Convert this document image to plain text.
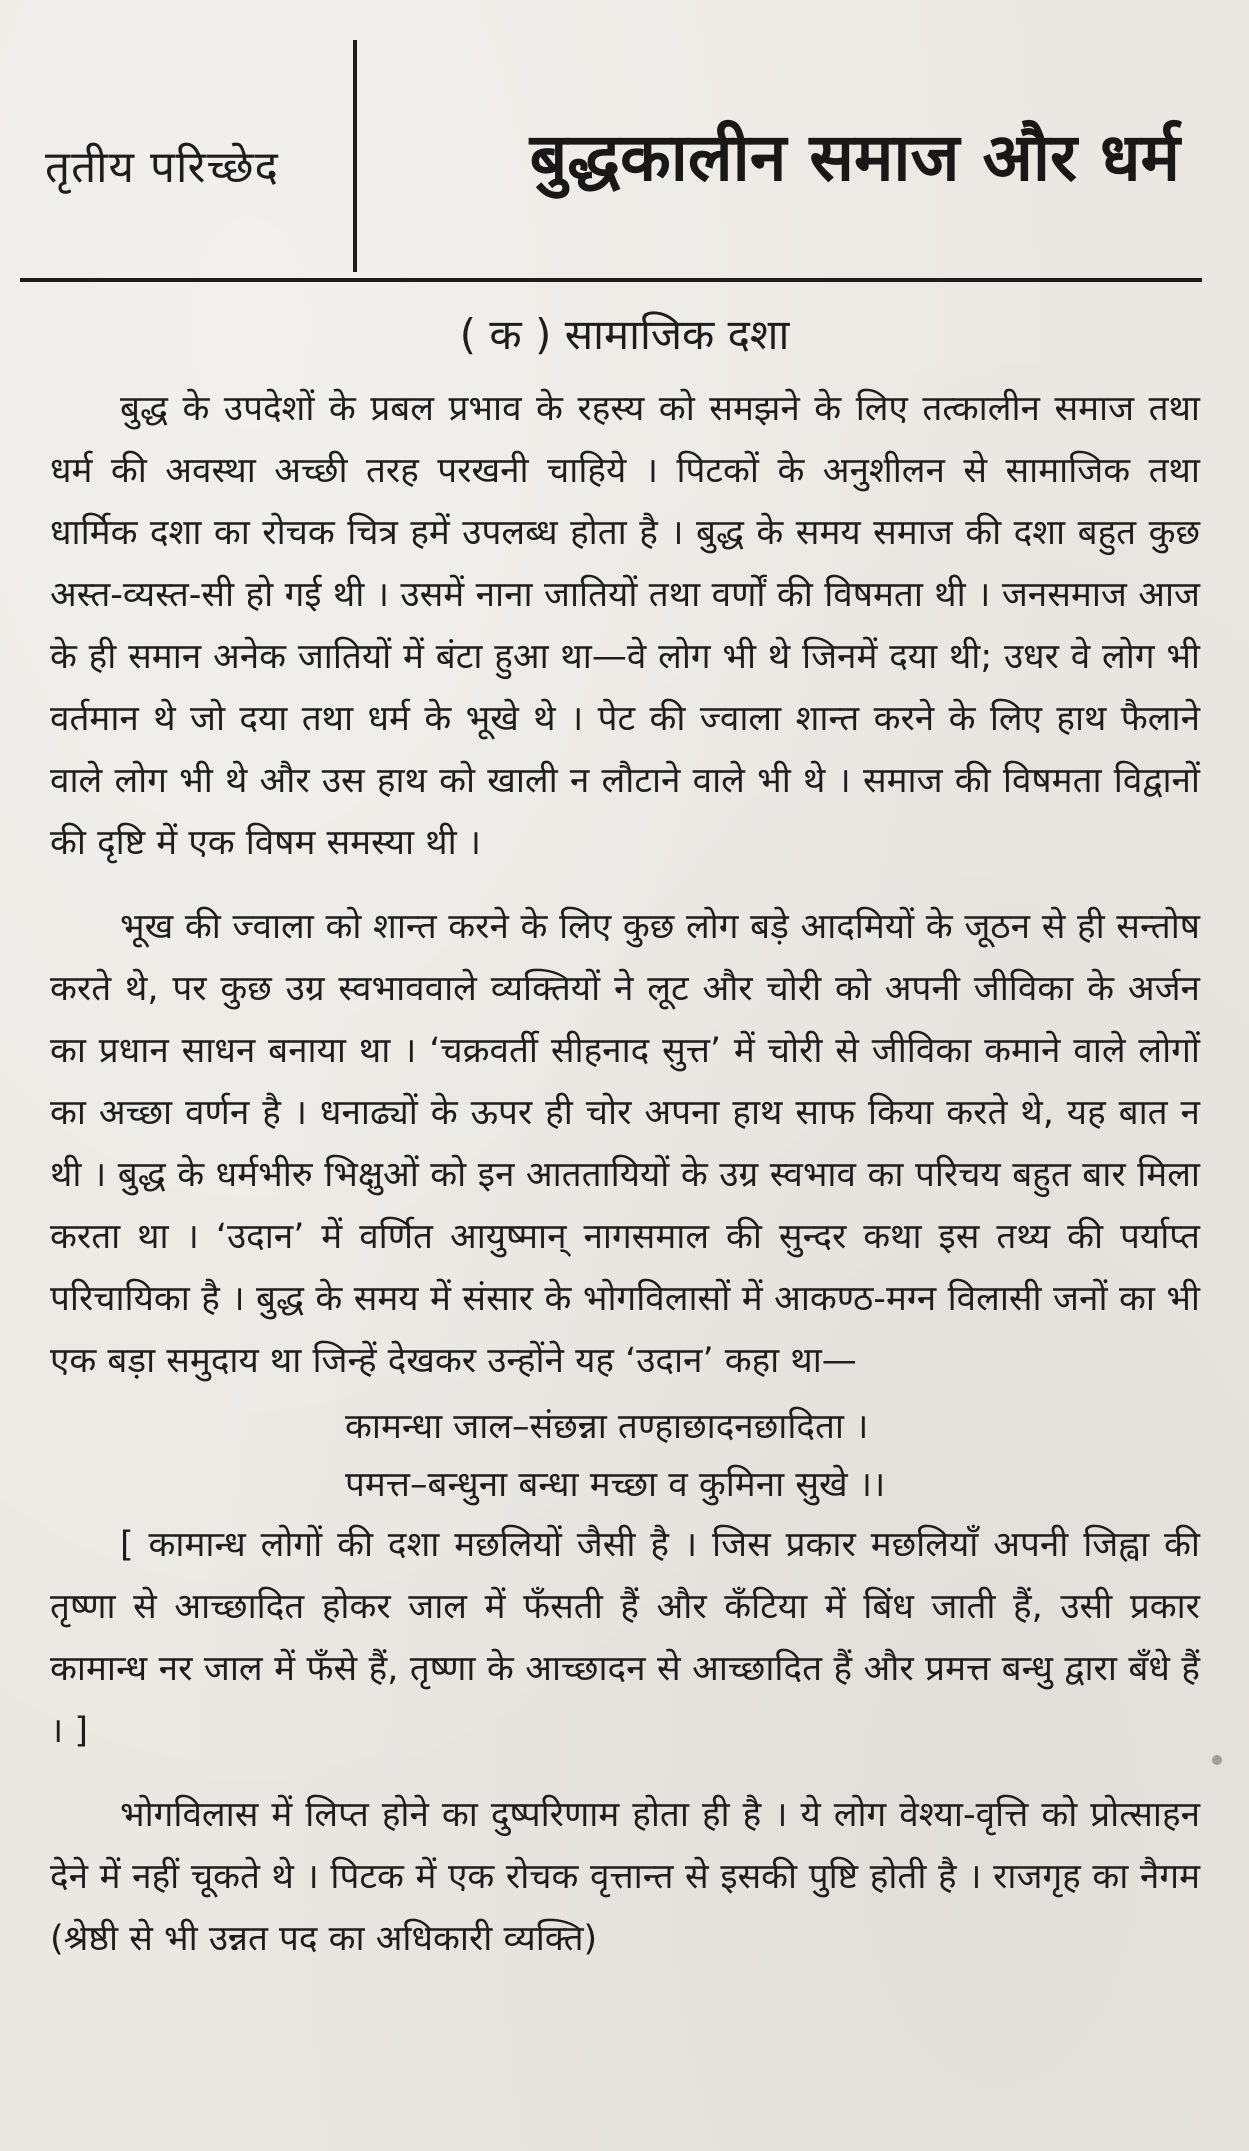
तृतीय परिच्छेद	बुद्धकालीन समाज और धर्म
( क ) सामाजिक दशा

बुद्ध के उपदेशों के प्रबल प्रभाव के रहस्य को समझने के लिए तत्कालीन समाज तथा धर्म की अवस्था अच्छी तरह परखनी चाहिये । पिटकों के अनुशीलन से सामाजिक तथा धार्मिक दशा का रोचक चित्र हमें उपलब्ध होता है । बुद्ध के समय समाज की दशा बहुत कुछ अस्त-व्यस्त-सी हो गई थी । उसमें नाना जातियों तथा वर्णों की विषमता थी । जनसमाज आज के ही समान अनेक जातियों में बंटा हुआ था—वे लोग भी थे जिनमें दया थी; उधर वे लोग भी वर्तमान थे जो दया तथा धर्म के भूखे थे । पेट की ज्वाला शान्त करने के लिए हाथ फैलाने वाले लोग भी थे और उस हाथ को खाली न लौटाने वाले भी थे । समाज की विषमता विद्वानों की दृष्टि में एक विषम समस्या थी ।

भूख की ज्वाला को शान्त करने के लिए कुछ लोग बड़े आदमियों के जूठन से ही सन्तोष करते थे, पर कुछ उग्र स्वभाववाले व्यक्तियों ने लूट और चोरी को अपनी जीविका के अर्जन का प्रधान साधन बनाया था । ‘चक्रवर्ती सीहनाद सुत्त’ में चोरी से जीविका कमाने वाले लोगों का अच्छा वर्णन है । धनाढ्यों के ऊपर ही चोर अपना हाथ साफ किया करते थे, यह बात न थी । बुद्ध के धर्मभीरु भिक्षुओं को इन आततायियों के उग्र स्वभाव का परिचय बहुत बार मिला करता था । ‘उदान’ में वर्णित आयुष्मान् नागसमाल की सुन्दर कथा इस तथ्य की पर्याप्त परिचायिका है । बुद्ध के समय में संसार के भोगविलासों में आकण्ठ-मग्न विलासी जनों का भी एक बड़ा समुदाय था जिन्हें देखकर उन्होंने यह ‘उदान’ कहा था—

कामन्धा जाल–संछन्ना तण्हाछादनछादिता ।

पमत्त–बन्धुना बन्धा मच्छा व कुमिना सुखे ।।

[ कामान्ध लोगों की दशा मछलियों जैसी है । जिस प्रकार मछलियाँ अपनी जिह्वा की तृष्णा से आच्छादित होकर जाल में फँसती हैं और कँटिया में बिंध जाती हैं, उसी प्रकार कामान्ध नर जाल में फँसे हैं, तृष्णा के आच्छादन से आच्छादित हैं और प्रमत्त बन्धु द्वारा बँधे हैं । ]

भोगविलास में लिप्त होने का दुष्परिणाम होता ही है । ये लोग वेश्या-वृत्ति को प्रोत्साहन देने में नहीं चूकते थे । पिटक में एक रोचक वृत्तान्त से इसकी पुष्टि होती है । राजगृह का नैगम (श्रेष्ठी से भी उन्नत पद का अधिकारी व्यक्ति)
